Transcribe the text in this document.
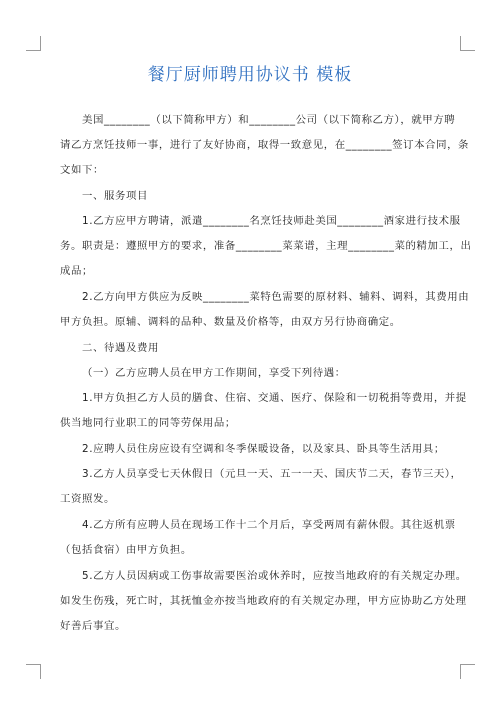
餐厅厨师聘用协议书 模板
美国________（以下简称甲方）和________公司（以下简称乙方），就甲方聘
请乙方烹饪技师一事，进行了友好协商，取得一致意见，在________签订本合同，条
文如下：
一、服务项目
1.乙方应甲方聘请，派遣________名烹饪技师赴美国________酒家进行技术服
务。职责是：遵照甲方的要求，准备________菜菜谱，主理________菜的精加工，出
成品；
2.乙方向甲方供应为反映________菜特色需要的原材料、辅料、调料，其费用由
甲方负担。原辅、调料的品种、数量及价格等，由双方另行协商确定。
二、待遇及费用
（一）乙方应聘人员在甲方工作期间，享受下列待遇：
1.甲方负担乙方人员的膳食、住宿、交通、医疗、保险和一切税捐等费用，并提
供当地同行业职工的同等劳保用品；
2.应聘人员住房应设有空调和冬季保暖设备，以及家具、卧具等生活用具；
3.乙方人员享受七天休假日（元旦一天、五一一天、国庆节二天，春节三天），
工资照发。
4.乙方所有应聘人员在现场工作十二个月后，享受两周有薪休假。其往返机票
（包括食宿）由甲方负担。
5.乙方人员因病或工伤事故需要医治或休养时，应按当地政府的有关规定办理。
如发生伤残，死亡时，其抚恤金亦按当地政府的有关规定办理，甲方应协助乙方处理
好善后事宜。
